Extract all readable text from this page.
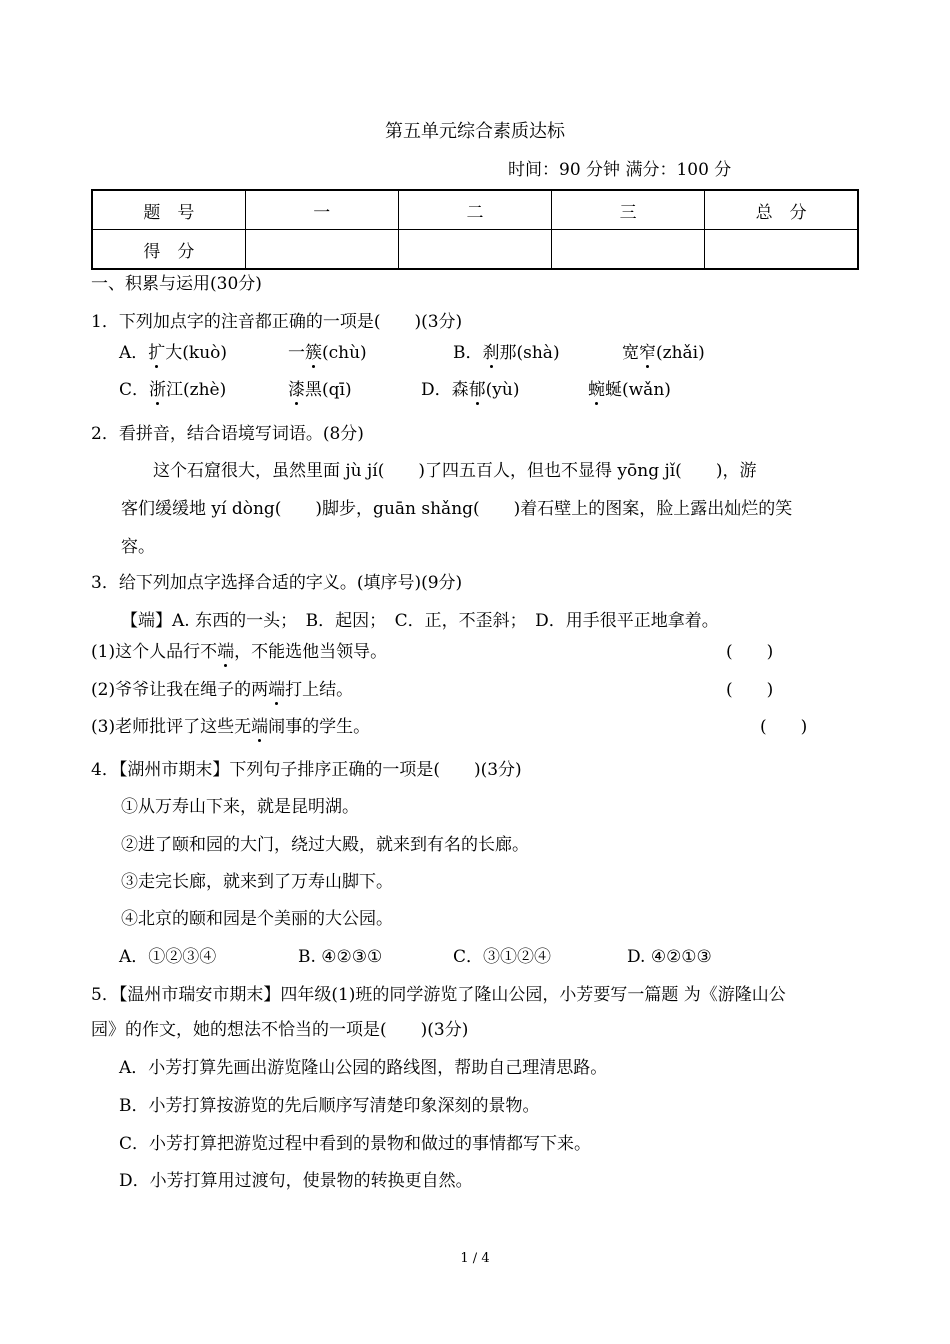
第五单元综合素质达标
时间：90 分钟 满分：100 分
题　号	一	二	三	总　分
得　分				
一、积累与运用(30分)
1．下列加点字的注音都正确的一项是(　　)(3分)
A．扩大(kuò)	一簇(chù)	B．刹那(shà)	宽窄(zhǎi)
C．浙江(zhè)	漆黑(qī)	D．森郁(yù)	蜿蜒(wǎn)
2．看拼音，结合语境写词语。(8分)
这个石窟很大，虽然里面 jù jí(　　)了四五百人，但也不显得 yōng jǐ(　　)，游
客们缓缓地 yí dòng(　　)脚步，guān shǎng(　　)着石壁上的图案，脸上露出灿烂的笑
容。
3．给下列加点字选择合适的字义。(填序号)(9分)
【端】A. 东西的一头；　B．起因；　C．正，不歪斜；　D．用手很平正地拿着。
(1)这个人品行不端，不能选他当领导。	(　　)
(2)爷爷让我在绳子的两端打上结。	(　　)
(3)老师批评了这些无端闹事的学生。	(　　)
4．【湖州市期末】下列句子排序正确的一项是(　　)(3分)
①从万寿山下来，就是昆明湖。
②进了颐和园的大门，绕过大殿，就来到有名的长廊。
③走完长廊，就来到了万寿山脚下。
④北京的颐和园是个美丽的大公园。
A．①②③④	B. ④②③①	C．③①②④	D. ④②①③
5．【温州市瑞安市期末】四年级(1)班的同学游览了隆山公园，小芳要写一篇题 为《游隆山公
园》的作文，她的想法不恰当的一项是(　　)(3分)
A．小芳打算先画出游览隆山公园的路线图，帮助自己理清思路。
B．小芳打算按游览的先后顺序写清楚印象深刻的景物。
C．小芳打算把游览过程中看到的景物和做过的事情都写下来。
D．小芳打算用过渡句，使景物的转换更自然。
1 / 4
